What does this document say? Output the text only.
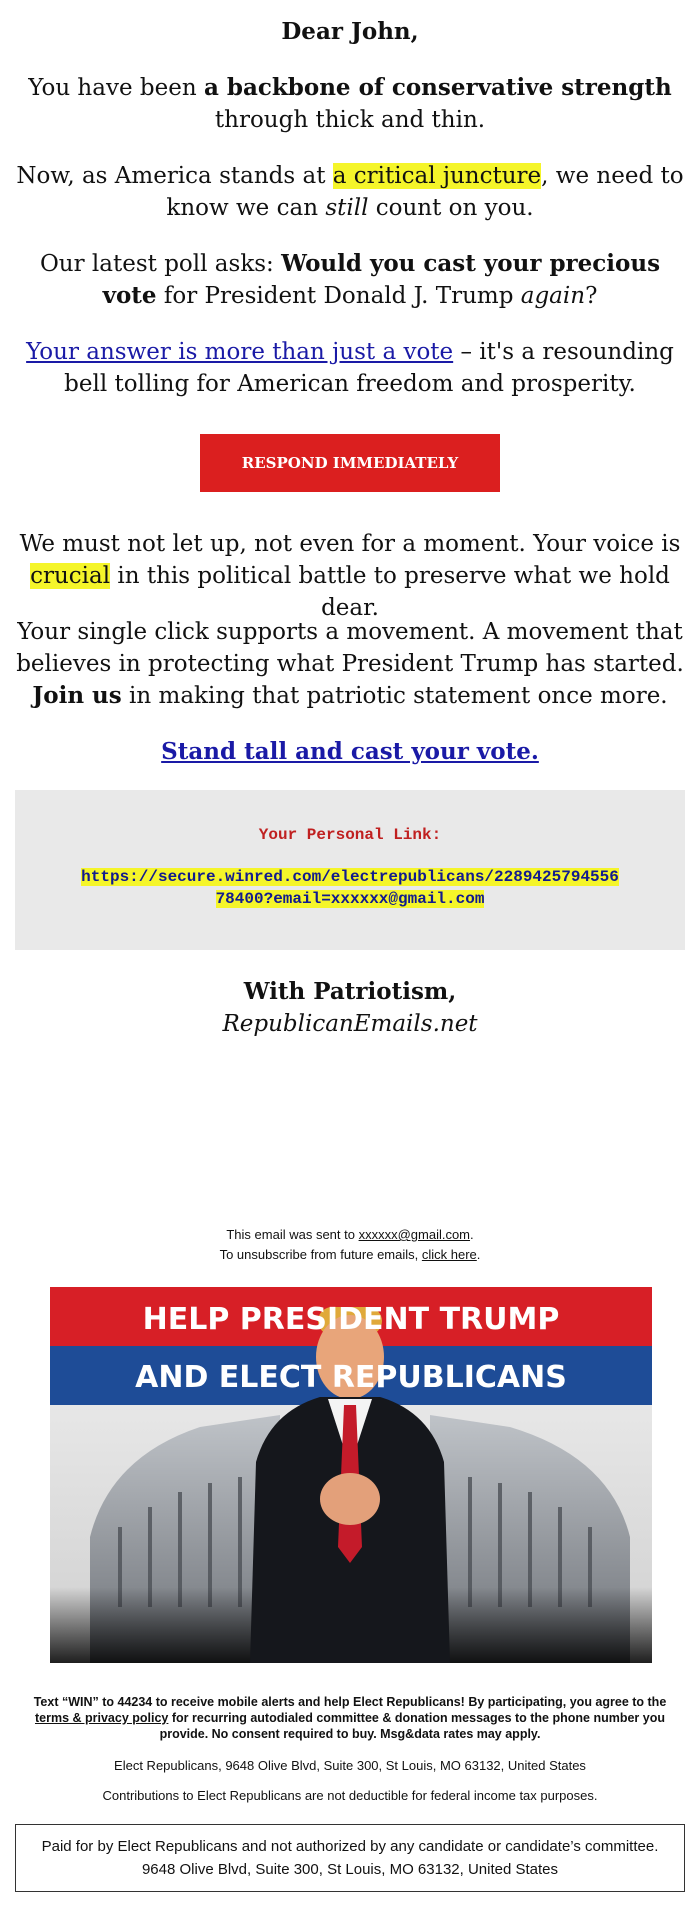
Dear John,
You have been a backbone of conservative strength through thick and thin.
Now, as America stands at a critical juncture, we need to know we can still count on you.
Our latest poll asks: Would you cast your precious vote for President Donald J. Trump again?
Your answer is more than just a vote – it's a resounding bell tolling for American freedom and prosperity.
RESPOND IMMEDIATELY
We must not let up, not even for a moment. Your voice is crucial in this political battle to preserve what we hold dear.
Your single click supports a movement. A movement that believes in protecting what President Trump has started. Join us in making that patriotic statement once more.
Stand tall and cast your vote.
Your Personal Link:
https://secure.winred.com/electrepublicans/2289425794556
78400?email=xxxxxx@gmail.com
With Patriotism,
RepublicanEmails.net
This email was sent to xxxxxx@gmail.com.
To unsubscribe from future emails, click here.
HELP PRESIDENT TRUMP
AND ELECT REPUBLICANS
Text “WIN” to 44234 to receive mobile alerts and help Elect Republicans! By participating, you agree to the terms & privacy policy for recurring autodialed committee & donation messages to the phone number you provide. No consent required to buy. Msg&data rates may apply.
Elect Republicans, 9648 Olive Blvd, Suite 300, St Louis, MO 63132, United States
Contributions to Elect Republicans are not deductible for federal income tax purposes.
Paid for by Elect Republicans and not authorized by any candidate or candidate’s committee. 9648 Olive Blvd, Suite 300, St Louis, MO 63132, United States
